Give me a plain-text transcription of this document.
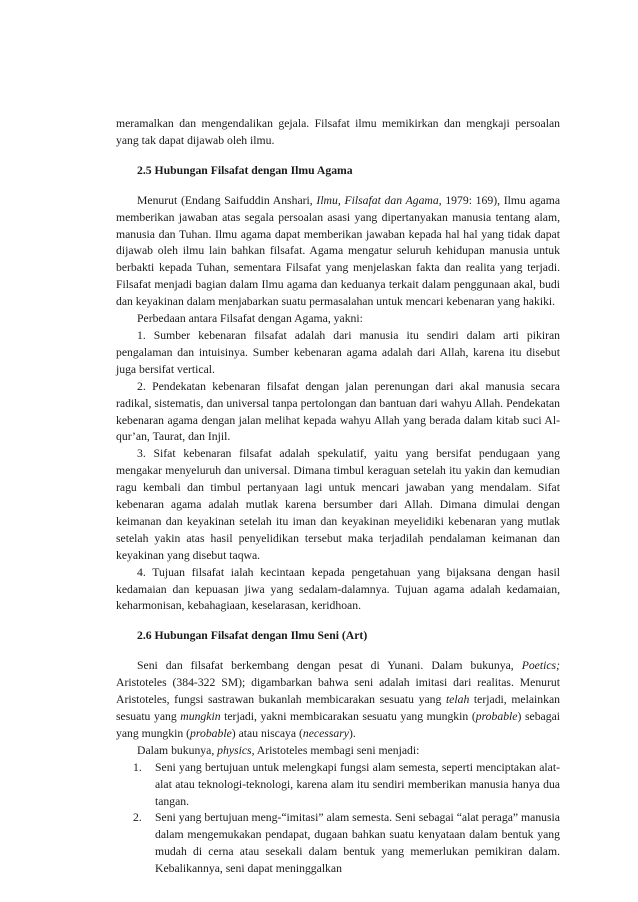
meramalkan dan mengendalikan gejala. Filsafat ilmu memikirkan dan mengkaji persoalan yang tak dapat dijawab oleh ilmu.

2.5 Hubungan Filsafat dengan Ilmu Agama

Menurut (Endang Saifuddin Anshari, Ilmu, Filsafat dan Agama, 1979: 169), Ilmu agama memberikan jawaban atas segala persoalan asasi yang dipertanyakan manusia tentang alam, manusia dan Tuhan. Ilmu agama dapat memberikan jawaban kepada hal hal yang tidak dapat dijawab oleh ilmu lain bahkan filsafat. Agama mengatur seluruh kehidupan manusia untuk berbakti kepada Tuhan, sementara Filsafat yang menjelaskan fakta dan realita yang terjadi. Filsafat menjadi bagian dalam Ilmu agama dan keduanya terkait dalam penggunaan akal, budi dan keyakinan dalam menjabarkan suatu permasalahan untuk mencari kebenaran yang hakiki.

Perbedaan antara Filsafat dengan Agama, yakni:

1. Sumber kebenaran filsafat adalah dari manusia itu sendiri dalam arti pikiran pengalaman dan intuisinya. Sumber kebenaran agama adalah dari Allah, karena itu disebut juga bersifat vertical.

2. Pendekatan kebenaran filsafat dengan jalan perenungan dari akal manusia secara radikal, sistematis, dan universal tanpa pertolongan dan bantuan dari wahyu Allah. Pendekatan kebenaran agama dengan jalan melihat kepada wahyu Allah yang berada dalam kitab suci Al-qur’an, Taurat, dan Injil.

3. Sifat kebenaran filsafat adalah spekulatif, yaitu yang bersifat pendugaan yang mengakar menyeluruh dan universal. Dimana timbul keraguan setelah itu yakin dan kemudian ragu kembali dan timbul pertanyaan lagi untuk mencari jawaban yang mendalam. Sifat kebenaran agama adalah mutlak karena bersumber dari Allah. Dimana dimulai dengan keimanan dan keyakinan setelah itu iman dan keyakinan meyelidiki kebenaran yang mutlak setelah yakin atas hasil penyelidikan tersebut maka terjadilah pendalaman keimanan dan keyakinan yang disebut taqwa.

4. Tujuan filsafat ialah kecintaan kepada pengetahuan yang bijaksana dengan hasil kedamaian dan kepuasan jiwa yang sedalam-dalamnya. Tujuan agama adalah kedamaian, keharmonisan, kebahagiaan, keselarasan, keridhoan.

2.6 Hubungan Filsafat dengan Ilmu Seni (Art)

Seni dan filsafat berkembang dengan pesat di Yunani. Dalam bukunya, Poetics; Aristoteles (384-322 SM); digambarkan bahwa seni adalah imitasi dari realitas. Menurut Aristoteles, fungsi sastrawan bukanlah membicarakan sesuatu yang telah terjadi, melainkan sesuatu yang mungkin terjadi, yakni membicarakan sesuatu yang mungkin (probable) sebagai yang mungkin (probable) atau niscaya (necessary).

Dalam bukunya, physics, Aristoteles membagi seni menjadi:

1. Seni yang bertujuan untuk melengkapi fungsi alam semesta, seperti menciptakan alat-alat atau teknologi-teknologi, karena alam itu sendiri memberikan manusia hanya dua tangan.
2. Seni yang bertujuan meng-“imitasi” alam semesta. Seni sebagai “alat peraga” manusia dalam mengemukakan pendapat, dugaan bahkan suatu kenyataan dalam bentuk yang mudah di cerna atau sesekali dalam bentuk yang memerlukan pemikiran dalam. Kebalikannya, seni dapat meninggalkan
